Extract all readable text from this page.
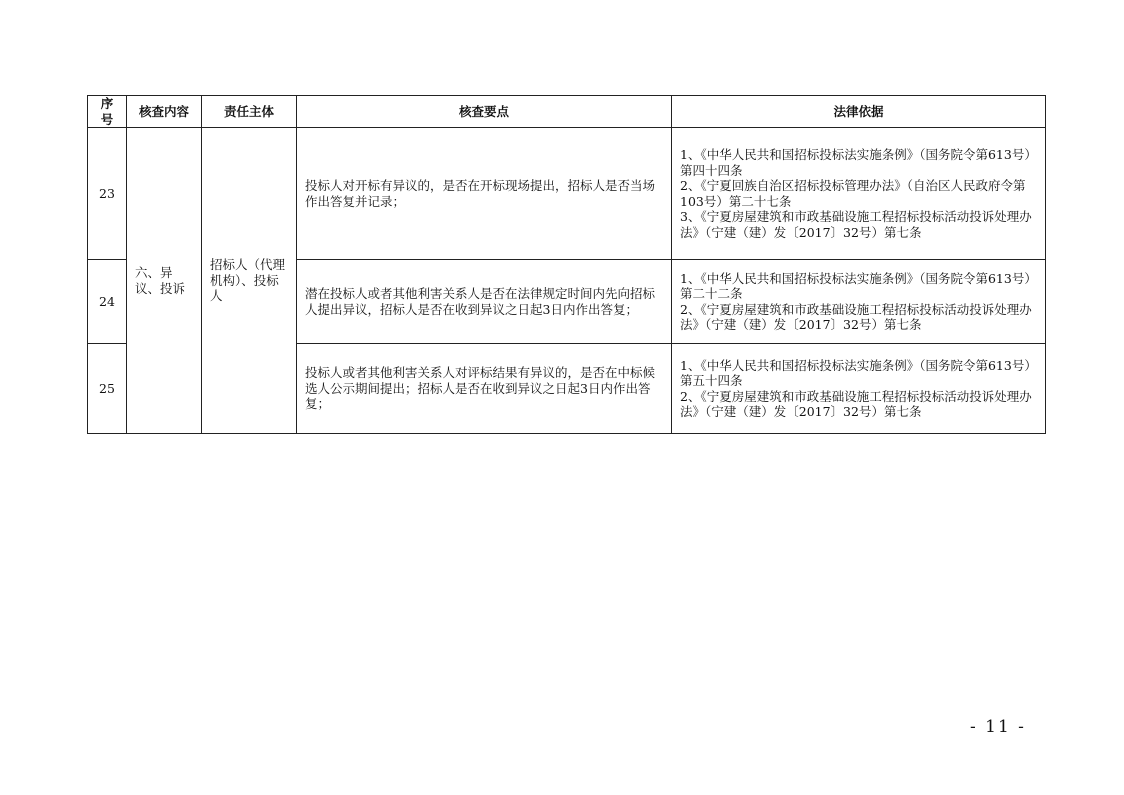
序号	核查内容	责任主体	核查要点	法律依据
23	六、异议、投诉	招标人（代理机构）、投标人	投标人对开标有异议的，是否在开标现场提出，招标人是否当场作出答复并记录；	1、《中华人民共和国招标投标法实施条例》（国务院令第613号）第四十四条
2、《宁夏回族自治区招标投标管理办法》（自治区人民政府令第103号）第二十七条
3、《宁夏房屋建筑和市政基础设施工程招标投标活动投诉处理办法》（宁建（建）发〔2017〕32号）第七条

24			潜在投标人或者其他利害关系人是否在法律规定时间内先向招标人提出异议，招标人是否在收到异议之日起3日内作出答复；	1、《中华人民共和国招标投标法实施条例》（国务院令第613号）第二十二条
2、《宁夏房屋建筑和市政基础设施工程招标投标活动投诉处理办法》（宁建（建）发〔2017〕32号）第七条

25			投标人或者其他利害关系人对评标结果有异议的，是否在中标候选人公示期间提出；招标人是否在收到异议之日起3日内作出答复；	1、《中华人民共和国招标投标法实施条例》（国务院令第613号）第五十四条
2、《宁夏房屋建筑和市政基础设施工程招标投标活动投诉处理办法》（宁建（建）发〔2017〕32号）第七条
- 11 -
